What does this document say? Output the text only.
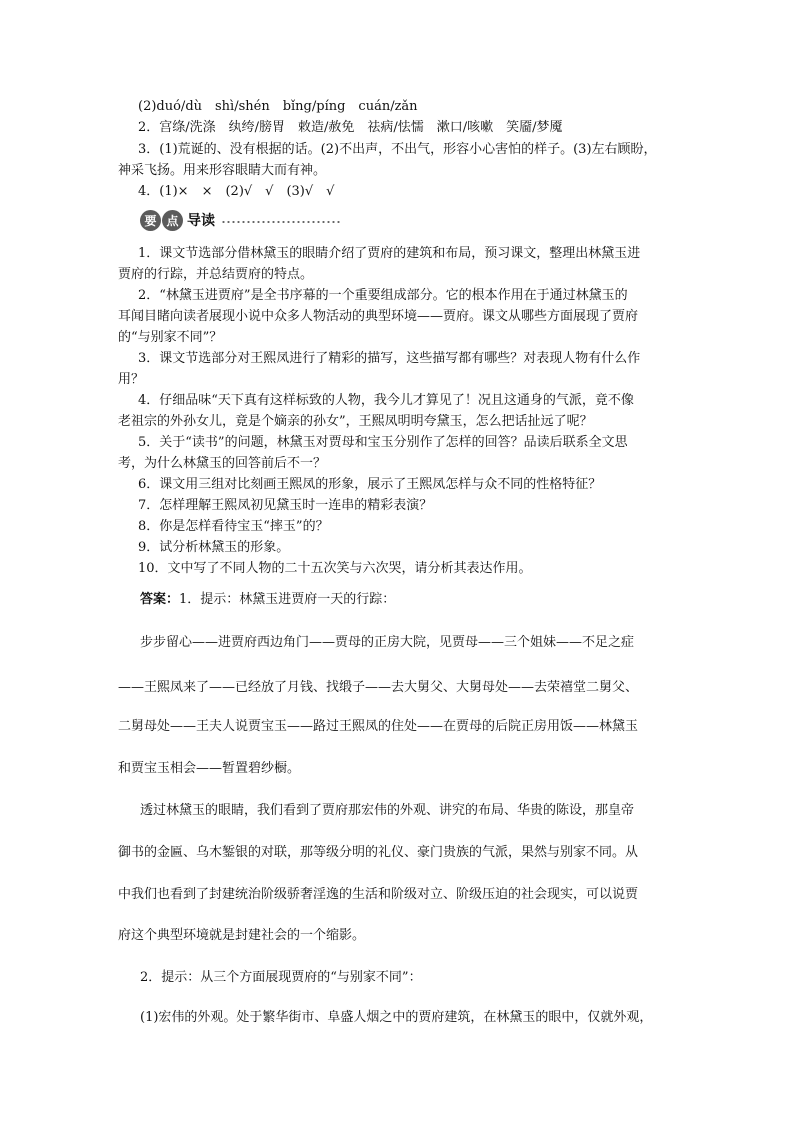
(2)duó/dù　shì/shén　bǐng/píng　cuán/zǎn
2．宫绦/洗涤　纨绔/膀胃　敕造/赦免　祛病/怯懦　漱口/咳嗽　笑靥/梦魇
3．(1)荒诞的、没有根据的话。(2)不出声，不出气，形容小心害怕的样子。(3)左右顾盼，
神采飞扬。用来形容眼睛大而有神。
4．(1)×　×　(2)√　√　(3)√　√
要 点 导读
1．课文节选部分借林黛玉的眼睛介绍了贾府的建筑和布局，预习课文，整理出林黛玉进
贾府的行踪，并总结贾府的特点。
2．“林黛玉进贾府”是全书序幕的一个重要组成部分。它的根本作用在于通过林黛玉的
耳闻目睹向读者展现小说中众多人物活动的典型环境——贾府。课文从哪些方面展现了贾府
的“与别家不同”？
3．课文节选部分对王熙凤进行了精彩的描写，这些描写都有哪些？对表现人物有什么作
用？
4．仔细品味“天下真有这样标致的人物，我今儿才算见了！况且这通身的气派，竟不像
老祖宗的外孙女儿，竟是个嫡亲的孙女”，王熙凤明明夸黛玉，怎么把话扯远了呢？
5．关于“读书”的问题，林黛玉对贾母和宝玉分别作了怎样的回答？品读后联系全文思
考，为什么林黛玉的回答前后不一？
6．课文用三组对比刻画王熙凤的形象，展示了王熙凤怎样与众不同的性格特征？
7．怎样理解王熙凤初见黛玉时一连串的精彩表演？
8．你是怎样看待宝玉“摔玉”的？
9．试分析林黛玉的形象。
10．文中写了不同人物的二十五次笑与六次哭，请分析其表达作用。
答案：1．提示：林黛玉进贾府一天的行踪：
步步留心——进贾府西边角门——贾母的正房大院，见贾母——三个姐妹——不足之症
——王熙凤来了——已经放了月钱、找缎子——去大舅父、大舅母处——去荣禧堂二舅父、
二舅母处——王夫人说贾宝玉——路过王熙凤的住处——在贾母的后院正房用饭——林黛玉
和贾宝玉相会——暂置碧纱橱。
透过林黛玉的眼睛，我们看到了贾府那宏伟的外观、讲究的布局、华贵的陈设，那皇帝
御书的金匾、乌木錾银的对联，那等级分明的礼仪、豪门贵族的气派，果然与别家不同。从
中我们也看到了封建统治阶级骄奢淫逸的生活和阶级对立、阶级压迫的社会现实，可以说贾
府这个典型环境就是封建社会的一个缩影。
2．提示：从三个方面展现贾府的“与别家不同”：
(1)宏伟的外观。处于繁华街市、阜盛人烟之中的贾府建筑，在林黛玉的眼中，仅就外观，
